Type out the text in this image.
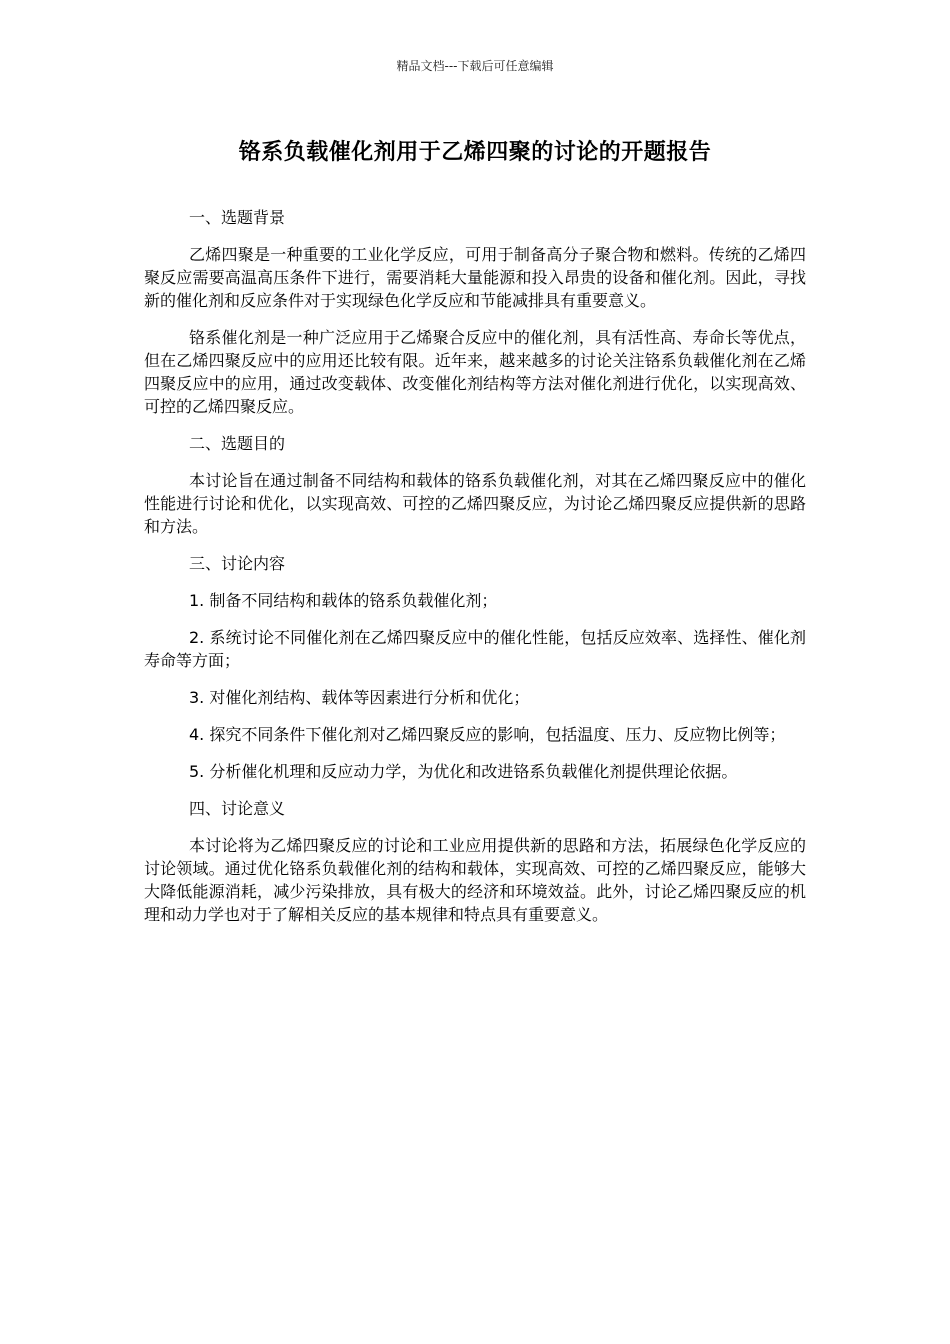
精品文档---下载后可任意编辑
铬系负载催化剂用于乙烯四聚的讨论的开题报告

一、选题背景

乙烯四聚是一种重要的工业化学反应，可用于制备高分子聚合物和燃料。传统的乙烯四聚反应需要高温高压条件下进行，需要消耗大量能源和投入昂贵的设备和催化剂。因此，寻找新的催化剂和反应条件对于实现绿色化学反应和节能减排具有重要意义。

铬系催化剂是一种广泛应用于乙烯聚合反应中的催化剂，具有活性高、寿命长等优点，但在乙烯四聚反应中的应用还比较有限。近年来，越来越多的讨论关注铬系负载催化剂在乙烯四聚反应中的应用，通过改变载体、改变催化剂结构等方法对催化剂进行优化，以实现高效、可控的乙烯四聚反应。

二、选题目的

本讨论旨在通过制备不同结构和载体的铬系负载催化剂，对其在乙烯四聚反应中的催化性能进行讨论和优化，以实现高效、可控的乙烯四聚反应，为讨论乙烯四聚反应提供新的思路和方法。

三、讨论内容

1. 制备不同结构和载体的铬系负载催化剂；

2. 系统讨论不同催化剂在乙烯四聚反应中的催化性能，包括反应效率、选择性、催化剂寿命等方面；

3. 对催化剂结构、载体等因素进行分析和优化；

4. 探究不同条件下催化剂对乙烯四聚反应的影响，包括温度、压力、反应物比例等；

5. 分析催化机理和反应动力学，为优化和改进铬系负载催化剂提供理论依据。

四、讨论意义

本讨论将为乙烯四聚反应的讨论和工业应用提供新的思路和方法，拓展绿色化学反应的讨论领域。通过优化铬系负载催化剂的结构和载体，实现高效、可控的乙烯四聚反应，能够大大降低能源消耗，减少污染排放，具有极大的经济和环境效益。此外，讨论乙烯四聚反应的机理和动力学也对于了解相关反应的基本规律和特点具有重要意义。
